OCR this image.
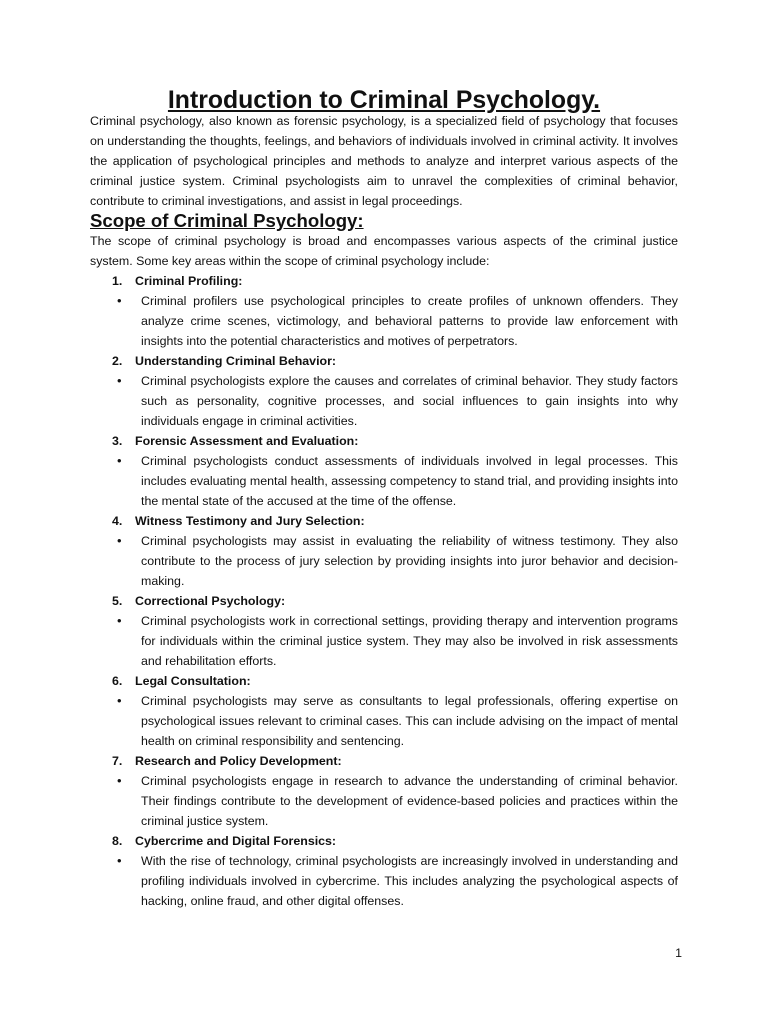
Introduction to Criminal Psychology.

Criminal psychology, also known as forensic psychology, is a specialized field of psychology that focuses on understanding the thoughts, feelings, and behaviors of individuals involved in criminal activity. It involves the application of psychological principles and methods to analyze and interpret various aspects of the criminal justice system. Criminal psychologists aim to unravel the complexities of criminal behavior, contribute to criminal investigations, and assist in legal proceedings.

Scope of Criminal Psychology:

The scope of criminal psychology is broad and encompasses various aspects of the criminal justice system. Some key areas within the scope of criminal psychology include:

1. Criminal Profiling:

• Criminal profilers use psychological principles to create profiles of unknown offenders. They analyze crime scenes, victimology, and behavioral patterns to provide law enforcement with insights into the potential characteristics and motives of perpetrators.

2. Understanding Criminal Behavior:

• Criminal psychologists explore the causes and correlates of criminal behavior. They study factors such as personality, cognitive processes, and social influences to gain insights into why individuals engage in criminal activities.

3. Forensic Assessment and Evaluation:

• Criminal psychologists conduct assessments of individuals involved in legal processes. This includes evaluating mental health, assessing competency to stand trial, and providing insights into the mental state of the accused at the time of the offense.

4. Witness Testimony and Jury Selection:

• Criminal psychologists may assist in evaluating the reliability of witness testimony. They also contribute to the process of jury selection by providing insights into juror behavior and decision-making.

5. Correctional Psychology:

• Criminal psychologists work in correctional settings, providing therapy and intervention programs for individuals within the criminal justice system. They may also be involved in risk assessments and rehabilitation efforts.

6. Legal Consultation:

• Criminal psychologists may serve as consultants to legal professionals, offering expertise on psychological issues relevant to criminal cases. This can include advising on the impact of mental health on criminal responsibility and sentencing.

7. Research and Policy Development:

• Criminal psychologists engage in research to advance the understanding of criminal behavior. Their findings contribute to the development of evidence-based policies and practices within the criminal justice system.

8. Cybercrime and Digital Forensics:

• With the rise of technology, criminal psychologists are increasingly involved in understanding and profiling individuals involved in cybercrime. This includes analyzing the psychological aspects of hacking, online fraud, and other digital offenses.

1
